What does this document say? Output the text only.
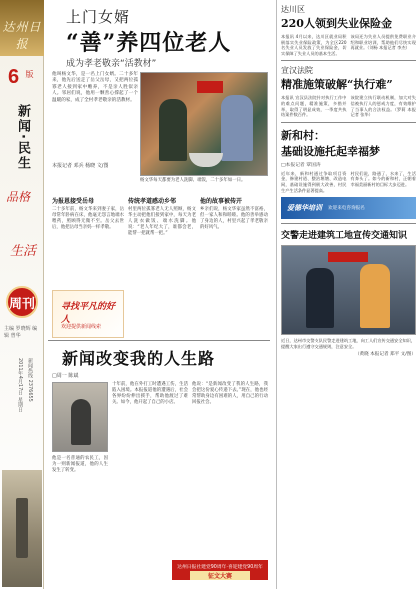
达州日报
6 版
新闻·民生
品格
生活
周刊
主编 罗晓辉 编辑 曾华
2011年4月17日 星期日 新闻热线 2376655
上门女婿
“善”养四位老人
成为孝老敬亲“活教材”
他叫杨文华，是一名上门女婿。二十多年来，他先后送走了岳父岳母，又把两位孤寡老人接到家中赡养，不是亲人胜似亲人。邻居们说，他用一颗善心撑起了一个温暖的家，成了全村孝老敬亲的活教材。
本报记者 邓兵 杨晓 文/图
杨文华每天都要为老人洗脚、端饭，二十多年如一日。
为报恩接受岳母
二十多年前，杨文华来到妻子家，岳母常年卧病在床，他毫无怨言地端水喂药，照顾得无微不至。岳父去世后，他把岳母当亲妈一样孝敬。
传统孝道感动乡邻
村里两位孤寡老人无人照顾，杨文华主动把他们接到家中，每天为老人洗衣做饭、端水洗脚。他说：“老人年纪大了，谁都会老，能帮一把就帮一把。”
他的故事被传开
乡亲们说，杨文华家虽然不富裕，但一家人和和睦睦。他的善举感动了身边的人，村里兴起了孝老敬亲的好风气。
寻找平凡的好人
欢迎提供新闻线索
新闻改变我的人生路
□周一 陈斌
他是一名普通的农民工，因为一则新闻报道，他的人生发生了转变。
十年前，他在外打工时遭遇工伤，生活陷入困境。本报报道他的遭遇后，社会各界纷纷伸出援手，帮助他渡过了难关。如今，他开起了自己的小店。
他说：“是新闻改变了我的人生路，我会把这份爱心传递下去。”现在，他也经常帮助身边有困难的人，用自己的行动回报社会。
达州日报社建党90周年·喜迎建党90周年
征文大赛
达川区
220人领到失业保险金
本报讯 4月以来，达川区就业局积极落实失业保险政策，为全区220名失业人员发放了失业保险金，切实保障了失业人员的基本生活。
该局还为失业人员提供免费职业介绍和职业培训，帮助他们尽快实现再就业。（刘杨 本报记者 李杰）
宣汉法院
精准施策破解“执行难”
本报讯 宣汉县法院针对执行工作中的难点问题，精准施策，多措并举，取得了明显成效，一季度共执结案件数百件。
该院建立执行联动机制，加大对失信被执行人的惩戒力度，有效维护了当事人的合法权益。（罗莉 本报记者 张华）
新和村：
基础设施托起幸福梦
□本报记者 覃国涛
近年来，新和村通过争取项目资金，修建村道、整治堰塘、改造电网，基础设施得到极大改善，村民生产生活条件显著提高。
村民们说，路通了，水来了，生活有奔头了。如今的新和村，正朝着幸福美丽新村的目标大步迈进。
爱德华培训 欢迎来电咨询报名
交警走进建筑工地宣传交通知识
近日，达州市交警支队民警走进建筑工地，向工人们宣传交通安全知识，提醒大家出行遵守交通规则，注意安全。
（黄晓 本报记者 郑平 文/图）
